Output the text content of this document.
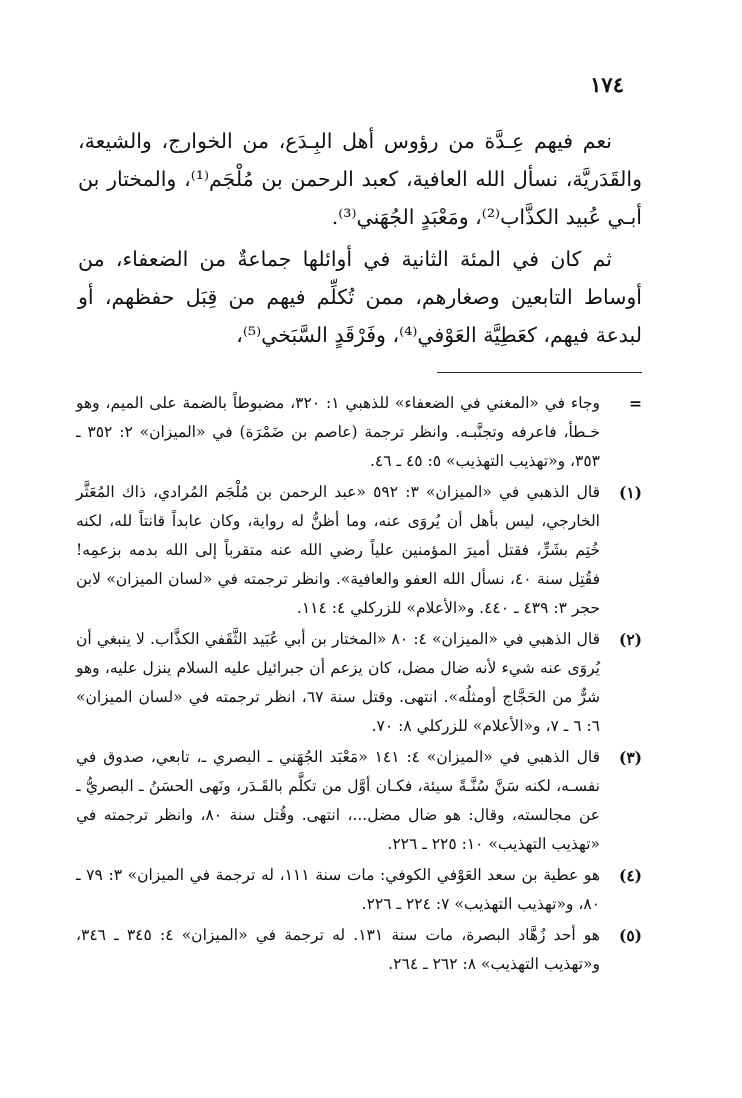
١٧٤

نعم فيهم عِـدَّة من رؤوس أهل البِـدَع، من الخوارج، والشيعة، والقَدَريَّة، نسأل الله العافية، كعبد الرحمن بن مُلْجَم⁽¹⁾، والمختار بن أبـي عُبيد الكذَّاب⁽²⁾، ومَعْبَدٍ الجُهَني⁽³⁾.

ثم كان في المئة الثانية في أوائلها جماعةٌ من الضعفاء، من أوساط التابعين وصغارهم، ممن تُكلِّم فيهم من قِبَل حفظهم، أو لبدعة فيهم، كعَطِيَّة العَوْفي⁽⁴⁾، وفَرْقَدٍ السَّبَخي⁽⁵⁾،

=
وجاء في «المغني في الضعفاء» للذهبي ١: ٣٢٠، مضبوطاً بالضمة على الميم، وهو خـطأ، فاعرفه وتجنَّبـه. وانظر ترجمة (عاصم بن ضَمْرَة) في «الميزان» ٢: ٣٥٢ ـ ٣٥٣، و«تهذيب التهذيب» ٥: ٤٥ ـ ٤٦.
(١)
قال الذهبي في «الميزان» ٣: ٥٩٢ «عبد الرحمن بن مُلْجَم المُرادي، ذاك المُعَثَّر الخارجي، ليس بأهل أن يُروَى عنه، وما أظنُّ له رواية، وكان عابداً قانتاً لله، لكنه خُتِم بشَرٍّ، فقتل أميرَ المؤمنين علياً رضي الله عنه متقرباً إلى الله بدمه بزعمِه! فقُتِل سنة ٤٠، نسأل الله العفو والعافية». وانظر ترجمته في «لسان الميزان» لابن حجر ٣: ٤٣٩ ـ ٤٤٠. و«الأعلام» للزركلي ٤: ١١٤.
(٢)
قال الذهبي في «الميزان» ٤: ٨٠ «المختار بن أبي عُبَيد الثَّقَفي الكذَّاب. لا ينبغي أن يُروَى عنه شيء لأنه ضال مضل، كان يزعم أن جبرائيل عليه السلام ينزل عليه، وهو شرٌّ من الحَجَّاج أومثلُه». انتهى. وقتل سنة ٦٧، انظر ترجمته في «لسان الميزان» ٦: ٦ ـ ٧، و«الأعلام» للزركلي ٨: ٧٠.
(٣)
قال الذهبي في «الميزان» ٤: ١٤١ «مَعْبَد الجُهَني ـ البصري ـ، تابعي، صدوق في نفسـه، لكنه سَنَّ سُنَّـةً سيئة، فكـان أوَّل من تكلَّم بالقَـدَر، ونَهى الحسَنُ ـ البصريُّ ـ عن مجالسته، وقال: هو ضال مضل...، انتهى. وقُتل سنة ٨٠، وانظر ترجمته في «تهذيب التهذيب» ١٠: ٢٢٥ ـ ٢٢٦.
(٤)
هو عطية بن سعد العَوْفي الكوفي: مات سنة ١١١، له ترجمة في الميزان» ٣: ٧٩ ـ ٨٠، و«تهذيب التهذيب» ٧: ٢٢٤ ـ ٢٢٦.
(٥)
هو أحد زُهَّاد البصرة، مات سنة ١٣١. له ترجمة في «الميزان» ٤: ٣٤٥ ـ ٣٤٦، و«تهذيب التهذيب» ٨: ٢٦٢ ـ ٢٦٤.
